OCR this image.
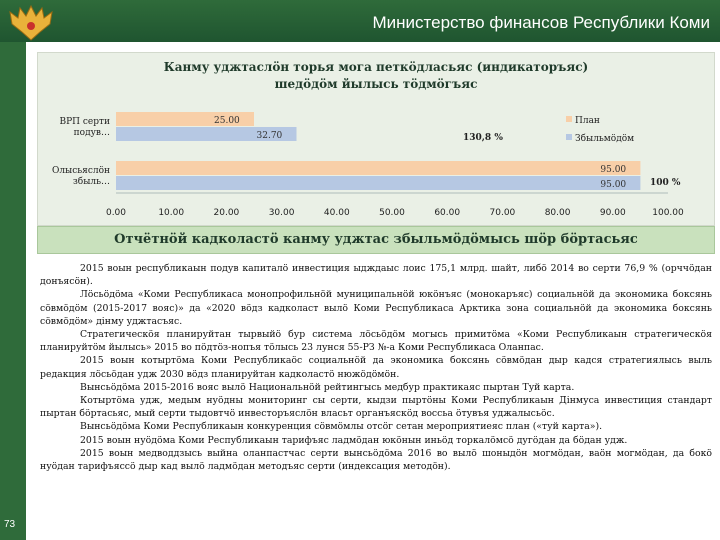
Министерство финансов Республики Коми
73
Канму уджтаслӧн торья мога петкӧдласьяс (индикаторъяс)
шедӧдӧм йылысь тӧдмӧгъяс
ВРП серти подув…
25.00
32.70
Олысьяслӧн збыль…
95.00
95.00
0.00	10.00	20.00	30.00	40.00	50.00	60.00	70.00	80.00	90.00	100.00
130,8 %
100 %
План
Збыльмӧдӧм
Отчётнӧй кадколастӧ канму уджтас збыльмӧдӧмысь шӧр бӧртасьяс

2015 воын республикаын подув капиталӧ инвестиция ыдждаыс лоис 175,1 млрд. шайт, либӧ 2014 во серти 76,9 % (орччӧдан донъясӧн).

Лӧсьӧдӧма «Коми Республикаса монопрофильнӧй муниципальнӧй юкӧнъяс (монокаръяс) социальнӧй да экономика боксянь сӧвмӧдӧм (2015-2017 вояс)» да «2020 вöдз кадколаст вылӧ Коми Республикаса Арктика зона социальнӧй да экономика боксянь сӧвмӧдӧм» дiнму уджтасъяс.

Стратегическӧя планируйтан тырвыйӧ бур система лӧсьӧдӧм могысь примитӧма «Коми Республикаын стратегическӧя планируйтӧм йылысь» 2015 во пӧдтӧз-нопъя тӧлысь 23 лунся 55-РЗ №-а Коми Республикаса Оланпас.

2015 воын котыртӧма Коми Республикаӧс социальнӧй да экономика боксянь сӧвмӧдан дыр кадся стратегиялысь выль редакция лӧсьӧдан удж 2030 вöдз планируйтан кадколастӧ нюжӧдӧмӧн.

Вынсьӧдӧма 2015-2016 вояс вылӧ Национальнӧй рейтингысь медбур практикаяс пыртан Туй карта.

Котыртӧма удж, медым нуӧдны мониторинг сы серти, кыдзи пыртӧны Коми Республикаын Дiнмуса инвестиция стандарт пыртан бӧртасьяс, мый серти тыдовтчӧ инвесторъяслӧн власьт органъяскӧд воссьа ӧтувъя уджалысьӧс.

Вынсьӧдӧма Коми Республикаын конкуренция сӧвмӧмлы отсӧг сетан мероприятиеяс план («туй карта»).

2015 воын нуӧдӧма Коми Республикаын тарифъяс ладмӧдан юкӧнын иньӧд торкалӧмсӧ дугӧдан да бӧдан удж.

2015 воын медводдзысь выйна оланпастчас серти вынсьӧдӧма 2016 во вылӧ шоныдӧн могмӧдан, ваӧн могмӧдан, да бокӧ нуӧдан тарифъяссӧ дыр кад вылӧ ладмӧдан методъяс серти (индексация методӧн).
